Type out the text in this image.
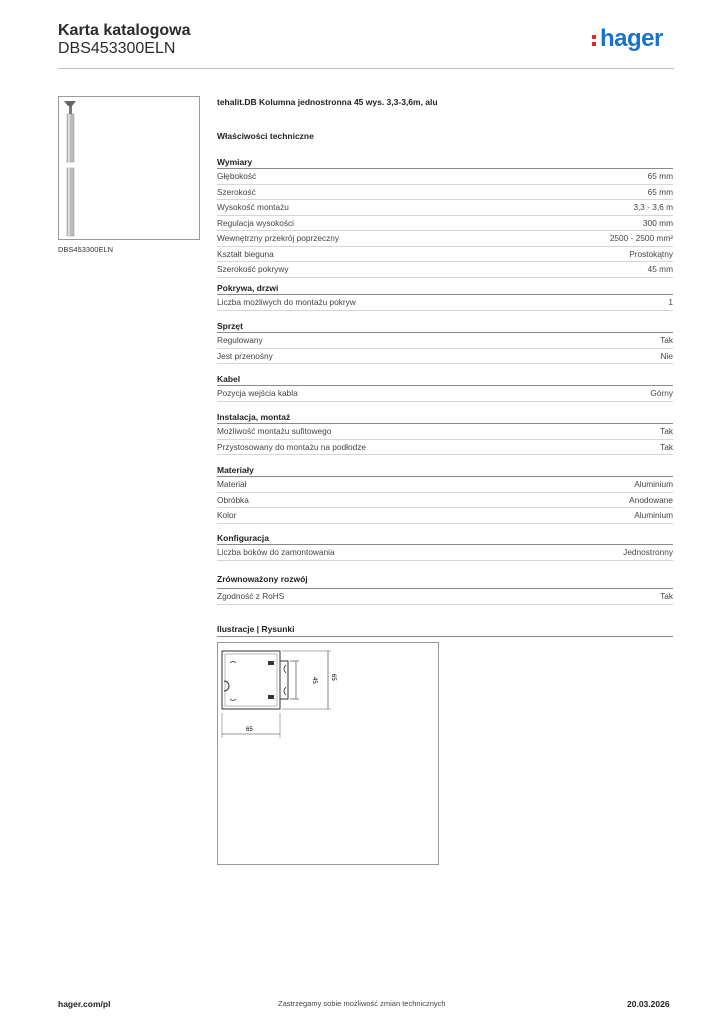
Karta katalogowa
DBS453300ELN	hager
DBS453300ELN
tehalit.DB Kolumna jednostronna 45 wys. 3,3-3,6m, alu
Właściwości techniczne
Wymiary
Głębokość	65 mm
Szerokość	65 mm
Wysokość montażu	3,3 - 3,6 m
Regulacja wysokości	300 mm
Wewnętrzny przekrój poprzeczny	2500 - 2500 mm²
Kształt bieguna	Prostokątny
Szerokość pokrywy	45 mm
Pokrywa, drzwi
Liczba możliwych do montażu pokryw	1
Sprzęt
Regulowany	Tak
Jest przenośny	Nie
Kabel
Pozycja wejścia kabla	Górny
Instalacja, montaż
Możliwość montażu sufitowego	Tak
Przystosowany do montażu na podłodze	Tak
Materiały
Materiał	Aluminium
Obróbka	Anodowane
Kolor	Aluminium
Konfiguracja
Liczba boków do zamontowania	Jednostronny
Zrównoważony rozwój
Zgodność z RoHS	Tak
Ilustracje | Rysunki
45 65
65
hager.com/pl	Zastrzegamy sobie możliwość zmian technicznych	20.03.2026
